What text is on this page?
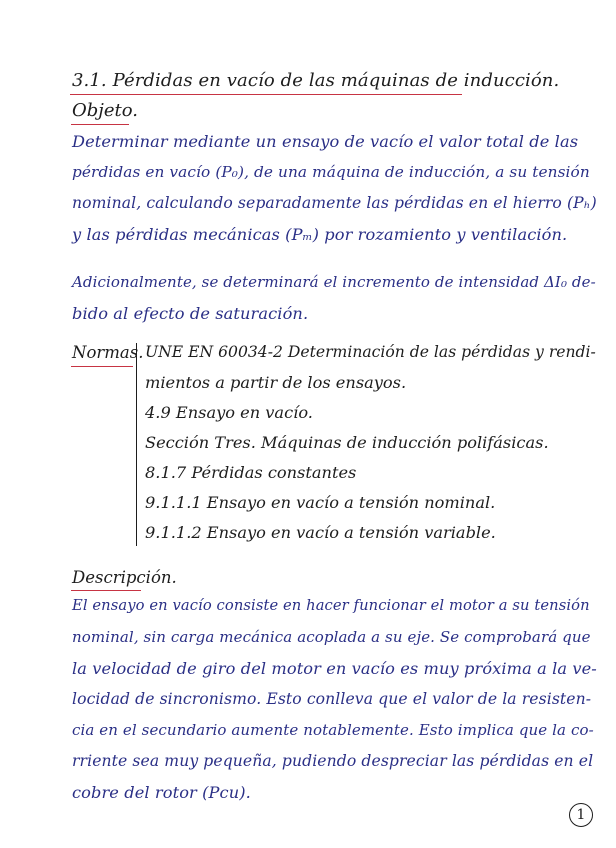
3.1. Pérdidas en vacío de las máquinas de inducción.
Objeto.
Determinar mediante un ensayo de vacío el valor total de las
pérdidas en vacío (P₀), de una máquina de inducción, a su tensión
nominal, calculando separadamente las pérdidas en el hierro (Pₕ)
y las pérdidas mecánicas (Pₘ) por rozamiento y ventilación.
Adicionalmente, se determinará el incremento de intensidad ΔI₀ de-
bido al efecto de saturación.
Normas. UNE EN 60034-2 Determinación de las pérdidas y rendi-
mientos a partir de los ensayos.
4.9 Ensayo en vacío.
Sección Tres. Máquinas de inducción polifásicas.
8.1.7 Pérdidas constantes
9.1.1.1 Ensayo en vacío a tensión nominal.
9.1.1.2 Ensayo en vacío a tensión variable.
Descripción.
El ensayo en vacío consiste en hacer funcionar el motor a su tensión
nominal, sin carga mecánica acoplada a su eje. Se comprobará que
la velocidad de giro del motor en vacío es muy próxima a la ve-
locidad de sincronismo. Esto conlleva que el valor de la resisten-
cia en el secundario aumente notablemente. Esto implica que la co-
rriente sea muy pequeña, pudiendo despreciar las pérdidas en el
cobre del rotor (Pcu).
1
